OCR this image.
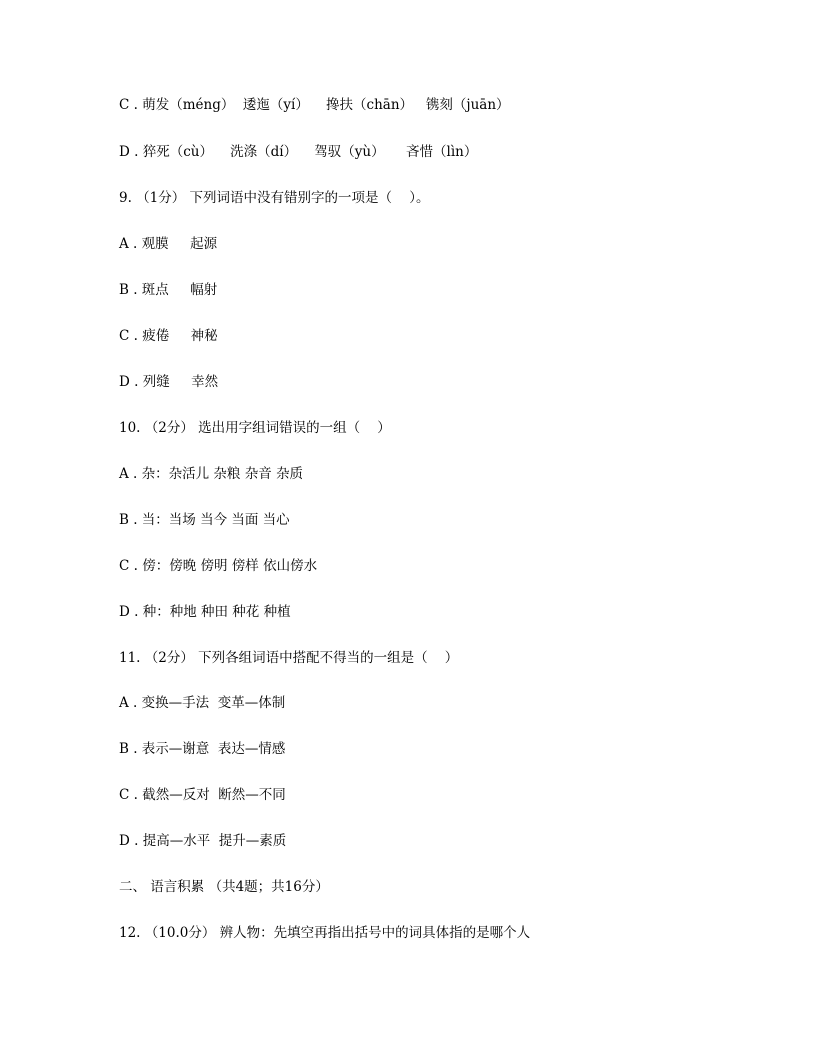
C . 萌发（méng）  逶迤（yí）    搀扶（chān）   镌刻（juān）
D . 猝死（cù）    洗涤（dí）    驾驭（yù）     吝惜（lìn）
9. （1分） 下列词语中没有错别字的一项是（    ）。
A . 观膜     起源
B . 斑点     幅射
C . 疲倦     神秘
D . 列缝     幸然
10. （2分） 选出用字组词错误的一组（    ）
A . 杂：杂活儿 杂粮 杂音 杂质
B . 当：当场 当今 当面 当心
C . 傍：傍晚 傍明 傍样 依山傍水
D . 种：种地 种田 种花 种植
11. （2分） 下列各组词语中搭配不得当的一组是（    ）
A . 变换—手法  变革—体制
B . 表示—谢意  表达—情感
C . 截然—反对  断然—不同
D . 提高—水平  提升—素质
二、 语言积累 （共4题；共16分）
12. （10.0分） 辨人物：先填空再指出括号中的词具体指的是哪个人
